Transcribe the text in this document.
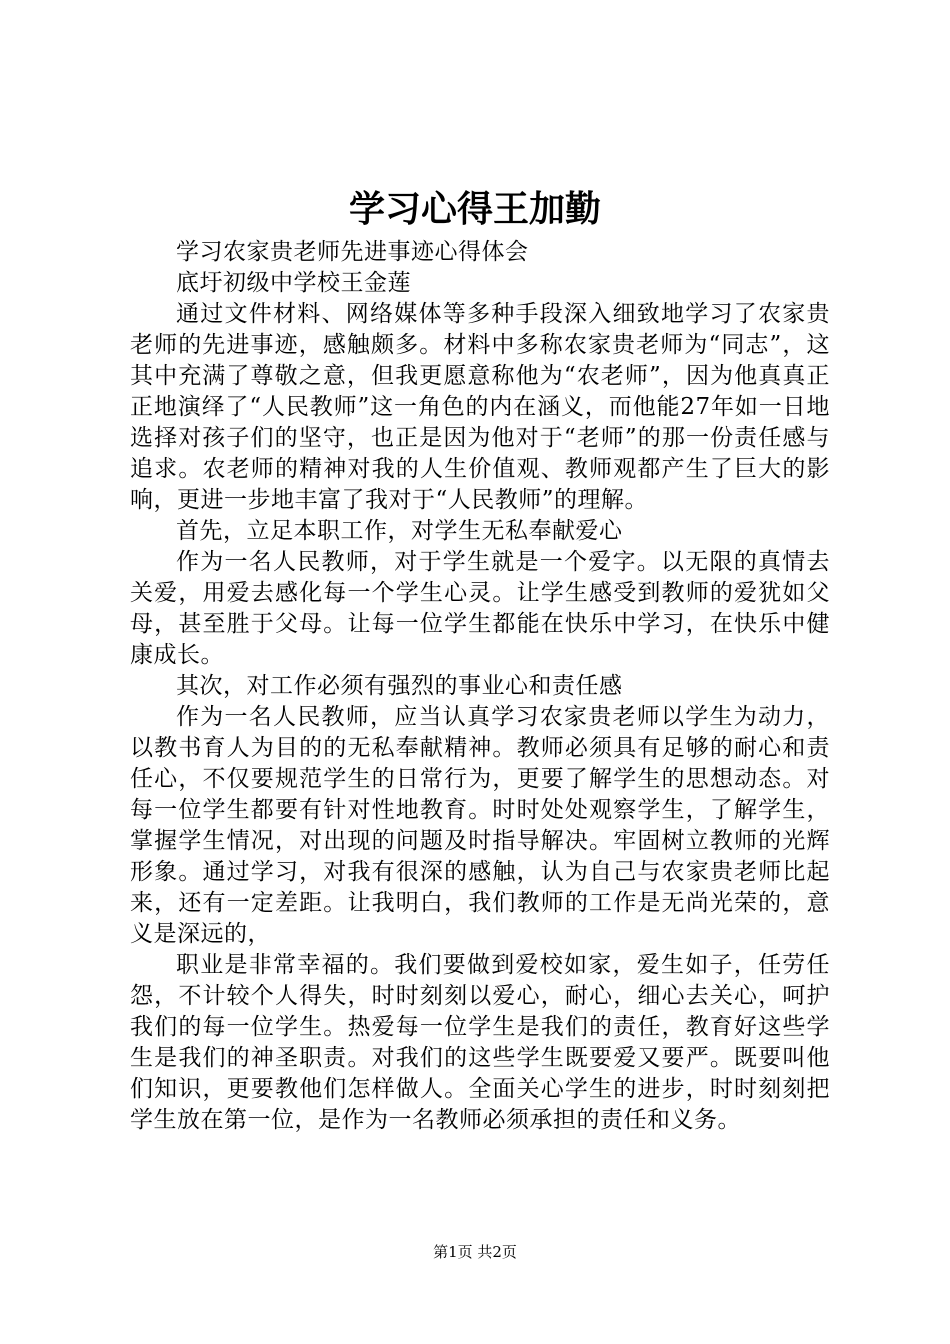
学习心得王加勤

学习农家贵老师先进事迹心得体会

底圩初级中学校王金莲

通过文件材料、网络媒体等多种手段深入细致地学习了农家贵老师的先进事迹，感触颇多。材料中多称农家贵老师为“同志”，这其中充满了尊敬之意，但我更愿意称他为“农老师”，因为他真真正正地演绎了“人民教师”这一角色的内在涵义，而他能27年如一日地选择对孩子们的坚守，也正是因为他对于“老师”的那一份责任感与追求。农老师的精神对我的人生价值观、教师观都产生了巨大的影响，更进一步地丰富了我对于“人民教师”的理解。

首先，立足本职工作，对学生无私奉献爱心

作为一名人民教师，对于学生就是一个爱字。以无限的真情去关爱，用爱去感化每一个学生心灵。让学生感受到教师的爱犹如父母，甚至胜于父母。让每一位学生都能在快乐中学习，在快乐中健康成长。

其次，对工作必须有强烈的事业心和责任感

作为一名人民教师，应当认真学习农家贵老师以学生为动力，以教书育人为目的的无私奉献精神。教师必须具有足够的耐心和责任心，不仅要规范学生的日常行为，更要了解学生的思想动态。对每一位学生都要有针对性地教育。时时处处观察学生，了解学生，掌握学生情况，对出现的问题及时指导解决。牢固树立教师的光辉形象。通过学习，对我有很深的感触，认为自己与农家贵老师比起来，还有一定差距。让我明白，我们教师的工作是无尚光荣的，意义是深远的，

职业是非常幸福的。我们要做到爱校如家，爱生如子，任劳任怨，不计较个人得失，时时刻刻以爱心，耐心，细心去关心，呵护我们的每一位学生。热爱每一位学生是我们的责任，教育好这些学生是我们的神圣职责。对我们的这些学生既要爱又要严。既要叫他们知识，更要教他们怎样做人。全面关心学生的进步，时时刻刻把学生放在第一位，是作为一名教师必须承担的责任和义务。

第1页 共2页
